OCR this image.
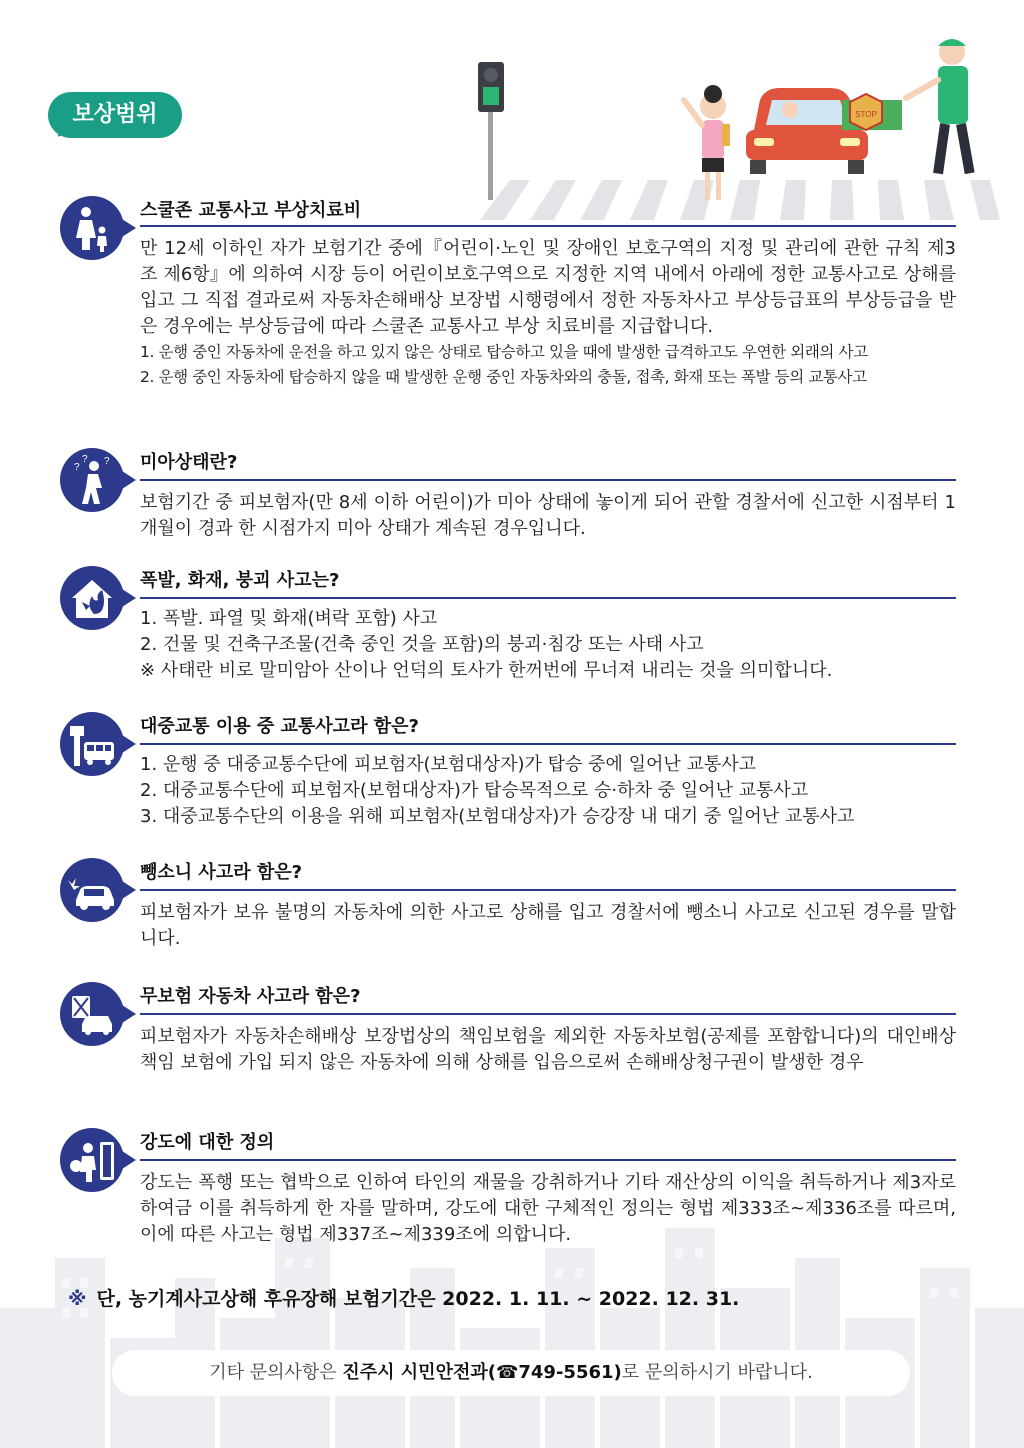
보상범위	STOP
스쿨존 교통사고 부상치료비

만 12세 이하인 자가 보험기간 중에『어린이·노인 및 장애인 보호구역의 지정 및 관리에 관한 규칙 제3조 제6항』에 의하여 시장 등이 어린이보호구역으로 지정한 지역 내에서 아래에 정한 교통사고로 상해를 입고 그 직접 결과로써 자동차손해배상 보장법 시행령에서 정한 자동차사고 부상등급표의 부상등급을 받은 경우에는 부상등급에 따라 스쿨존 교통사고 부상 치료비를 지급합니다.

1. 운행 중인 자동차에 운전을 하고 있지 않은 상태로 탑승하고 있을 때에 발생한 급격하고도 우연한 외래의 사고

2. 운행 중인 자동차에 탑승하지 않을 때 발생한 운행 중인 자동차와의 충돌, 접촉, 화재 또는 폭발 등의 교통사고

?
? ? 미아상태란?

보험기간 중 피보험자(만 8세 이하 어린이)가 미아 상태에 놓이게 되어 관할 경찰서에 신고한 시점부터 1개월이 경과 한 시점가지 미아 상태가 계속된 경우입니다.

폭발, 화재, 붕괴 사고는?

1. 폭발. 파열 및 화재(벼락 포함) 사고

2. 건물 및 건축구조물(건축 중인 것을 포함)의 붕괴·침강 또는 사태 사고

※ 사태란 비로 말미암아 산이나 언덕의 토사가 한꺼번에 무너져 내리는 것을 의미합니다.

대중교통 이용 중 교통사고라 함은?

1. 운행 중 대중교통수단에 피보험자(보험대상자)가 탑승 중에 일어난 교통사고

2. 대중교통수단에 피보험자(보험대상자)가 탑승목적으로 승·하차 중 일어난 교통사고

3. 대중교통수단의 이용을 위해 피보험자(보험대상자)가 승강장 내 대기 중 일어난 교통사고

뺑소니 사고라 함은?

피보험자가 보유 불명의 자동차에 의한 사고로 상해를 입고 경찰서에 뺑소니 사고로 신고된 경우를 말합니다.

무보험 자동차 사고라 함은?

피보험자가 자동차손해배상 보장법상의 책임보험을 제외한 자동차보험(공제를 포함합니다)의 대인배상 책임 보험에 가입 되지 않은 자동차에 의해 상해를 입음으로써 손해배상청구권이 발생한 경우

강도에 대한 정의

강도는 폭행 또는 협박으로 인하여 타인의 재물을 강취하거나 기타 재산상의 이익을 취득하거나 제3자로 하여금 이를 취득하게 한 자를 말하며, 강도에 대한 구체적인 정의는 형법 제333조~제336조를 따르며, 이에 따른 사고는 형법 제337조~제339조에 의합니다.

※ 단, 농기계사고상해 후유장해 보험기간은 2022. 1. 11. ~ 2022. 12. 31.
기타 문의사항은 진주시 시민안전과(☎749-5561)로 문의하시기 바랍니다.
